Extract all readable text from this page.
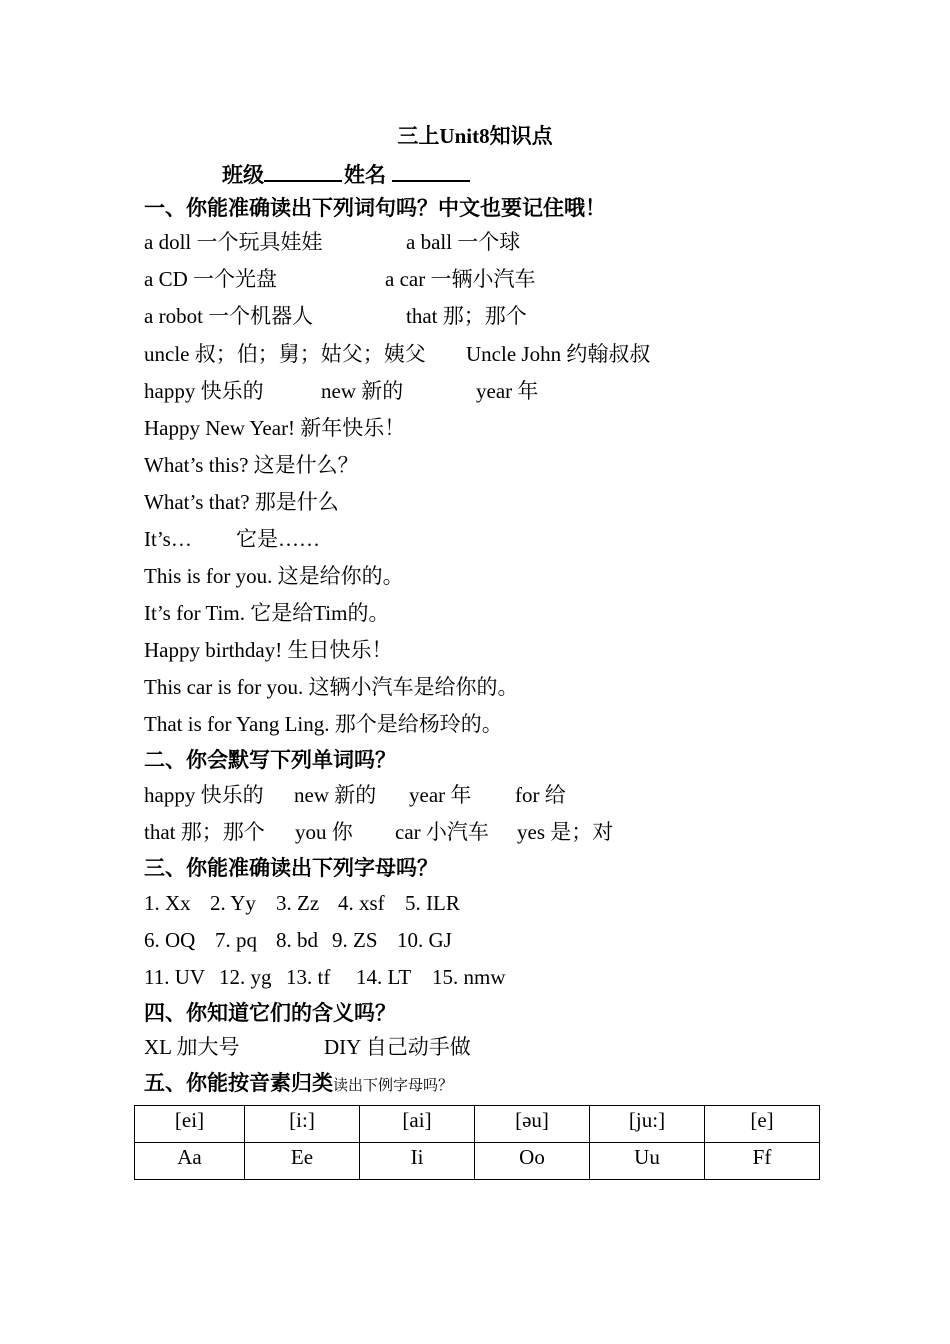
三上Unit8知识点
班级	姓名
一、你能准确读出下列词句吗？中文也要记住哦！
a doll 一个玩具娃娃	a ball 一个球
a CD 一个光盘	a car 一辆小汽车
a robot 一个机器人	that 那；那个
uncle 叔；伯；舅；姑父；姨父 Uncle John 约翰叔叔
happy 快乐的	new 新的	year 年
Happy New Year! 新年快乐！
What’s this? 这是什么？
What’s that? 那是什么
It’s… 它是……
This is for you. 这是给你的。
It’s for Tim. 它是给Tim的。
Happy birthday! 生日快乐！
This car is for you. 这辆小汽车是给你的。
That is for Yang Ling. 那个是给杨玲的。
二、你会默写下列单词吗？
happy 快乐的 new 新的 year 年 for 给
that 那；那个 you 你 car 小汽车 yes 是；对
三、你能准确读出下列字母吗？
1. Xx 2. Yy 3. Zz 4. xsf 5. ILR
6. OQ 7. pq 8. bd 9. ZS 10. GJ
11. UV 12. yg 13. tf 14. LT 15. nmw
四、你知道它们的含义吗？
XL 加大号	DIY 自己动手做
五、你能按音素归类读出下例字母吗？
[ei]	[i:]	[ai]	[əu]	[ju:]	[e]
Aa	Ee	Ii	Oo	Uu	Ff
